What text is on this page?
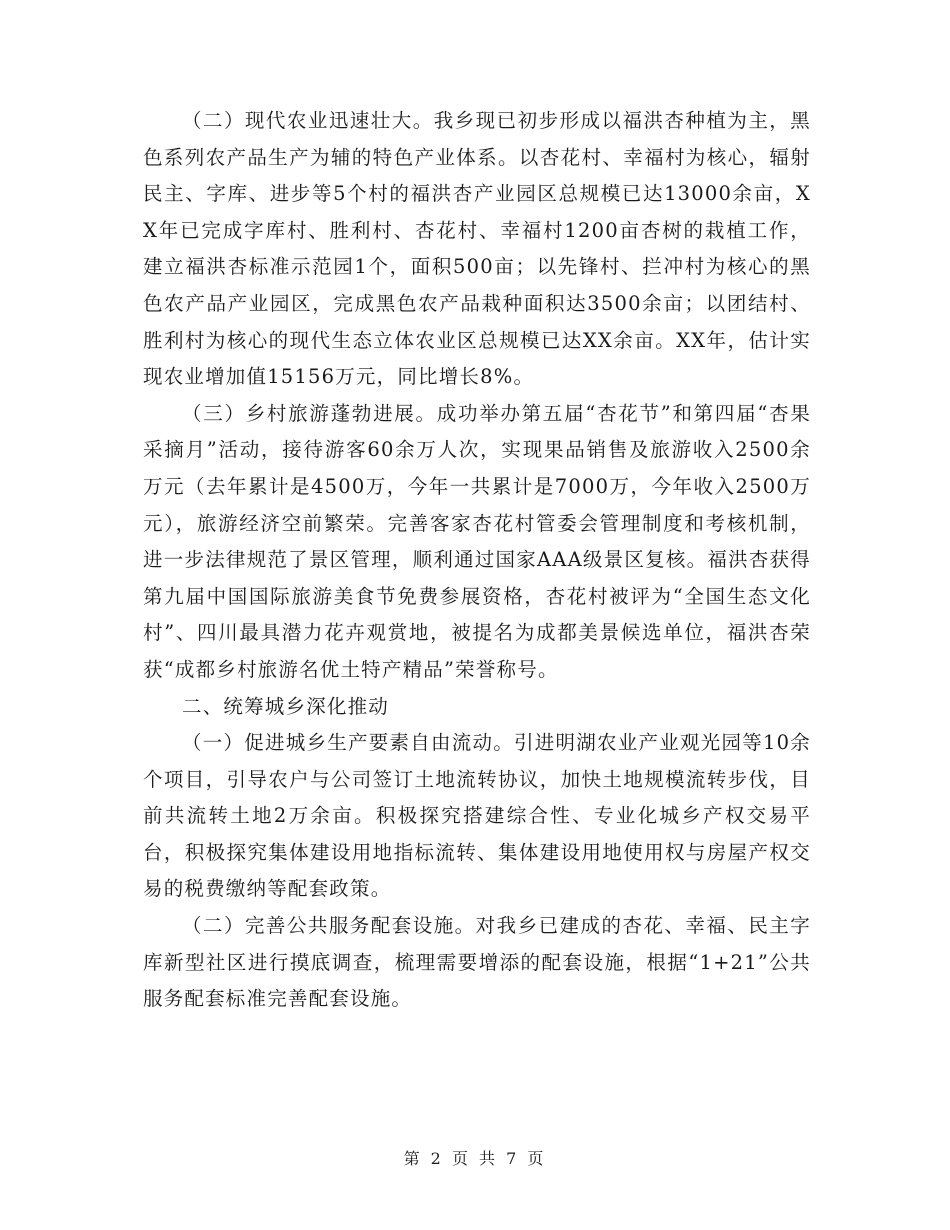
（二）现代农业迅速壮大。我乡现已初步形成以福洪杏种植为主，黑色系列农产品生产为辅的特色产业体系。以杏花村、幸福村为核心，辐射民主、字库、进步等5个村的福洪杏产业园区总规模已达13000余亩，XX年已完成字库村、胜利村、杏花村、幸福村1200亩杏树的栽植工作，建立福洪杏标准示范园1个，面积500亩；以先锋村、拦冲村为核心的黑色农产品产业园区，完成黑色农产品栽种面积达3500余亩；以团结村、胜利村为核心的现代生态立体农业区总规模已达XX余亩。XX年，估计实现农业增加值15156万元，同比增长8%。

（三）乡村旅游蓬勃进展。成功举办第五届“杏花节”和第四届“杏果采摘月”活动，接待游客60余万人次，实现果品销售及旅游收入2500余万元（去年累计是4500万，今年一共累计是7000万，今年收入2500万元），旅游经济空前繁荣。完善客家杏花村管委会管理制度和考核机制，进一步法律规范了景区管理，顺利通过国家AAA级景区复核。福洪杏获得第九届中国国际旅游美食节免费参展资格，杏花村被评为“全国生态文化村”、四川最具潜力花卉观赏地，被提名为成都美景候选单位，福洪杏荣获“成都乡村旅游名优土特产精品”荣誉称号。

二、统筹城乡深化推动

（一）促进城乡生产要素自由流动。引进明湖农业产业观光园等10余个项目，引导农户与公司签订土地流转协议，加快土地规模流转步伐，目前共流转土地2万余亩。积极探究搭建综合性、专业化城乡产权交易平台，积极探究集体建设用地指标流转、集体建设用地使用权与房屋产权交易的税费缴纳等配套政策。

（二）完善公共服务配套设施。对我乡已建成的杏花、幸福、民主字库新型社区进行摸底调查，梳理需要增添的配套设施，根据“1+21”公共服务配套标准完善配套设施。

第 2 页 共 7 页
